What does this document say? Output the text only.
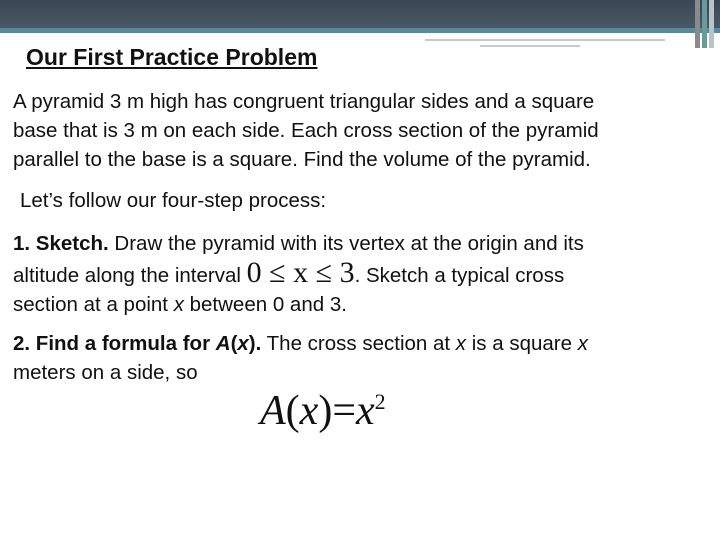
Our First Practice Problem

A pyramid 3 m high has congruent triangular sides and a square
base that is 3 m on each side. Each cross section of the pyramid
parallel to the base is a square. Find the volume of the pyramid.

Let’s follow our four-step process:

1. Sketch. Draw the pyramid with its vertex at the origin and its
altitude along the interval 0 ≤ x ≤ 3. Sketch a typical cross
section at a point x between 0 and 3.

2. Find a formula for A(x). The cross section at x is a square x
meters on a side, so

$A(x)=x^2$
